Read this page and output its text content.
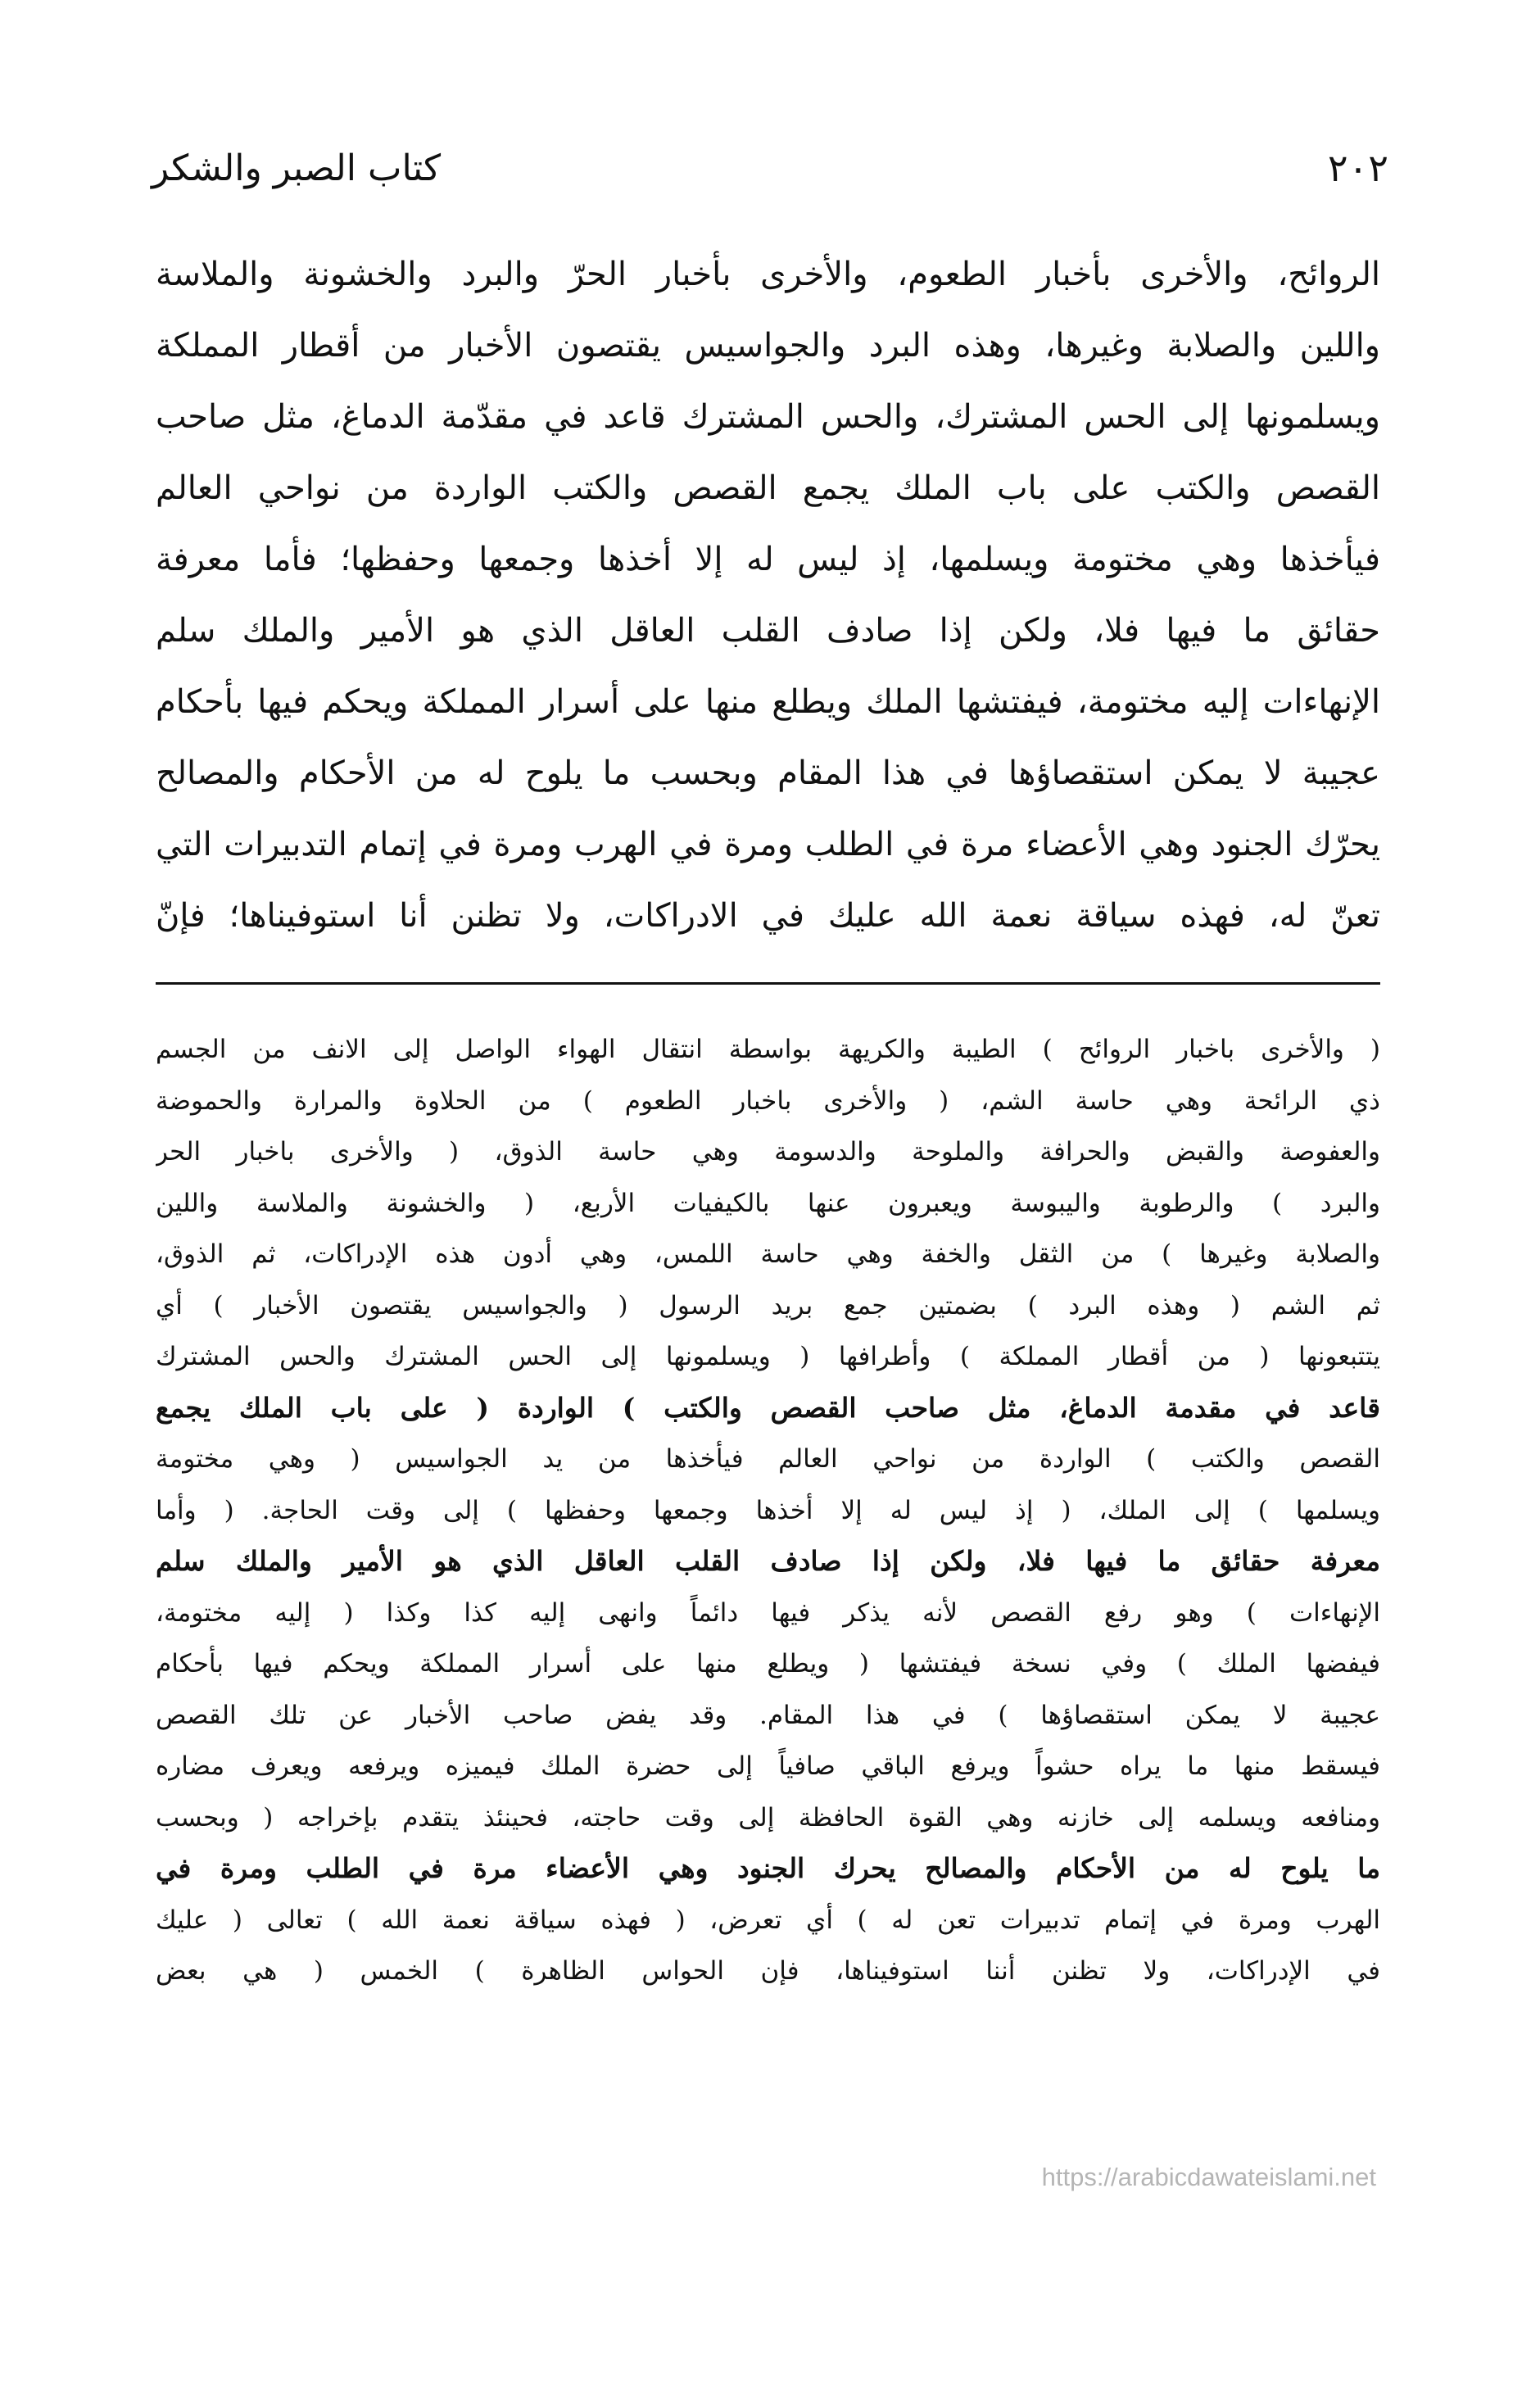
٢٠٢
كتاب الصبر والشكر
الروائح، والأخرى بأخبار الطعوم، والأخرى بأخبار الحرّ والبرد والخشونة والملاسة
واللين والصلابة وغيرها، وهذه البرد والجواسيس يقتصون الأخبار من أقطار المملكة
ويسلمونها إلى الحس المشترك، والحس المشترك قاعد في مقدّمة الدماغ، مثل صاحب
القصص والكتب على باب الملك يجمع القصص والكتب الواردة من نواحي العالم
فيأخذها وهي مختومة ويسلمها، إذ ليس له إلا أخذها وجمعها وحفظها؛ فأما معرفة
حقائق ما فيها فلا، ولكن إذا صادف القلب العاقل الذي هو الأمير والملك سلم
الإنهاءات إليه مختومة، فيفتشها الملك ويطلع منها على أسرار المملكة ويحكم فيها بأحكام
عجيبة لا يمكن استقصاؤها في هذا المقام وبحسب ما يلوح له من الأحكام والمصالح
يحرّك الجنود وهي الأعضاء مرة في الطلب ومرة في الهرب ومرة في إتمام التدبيرات التي
تعنّ له، فهذه سياقة نعمة الله عليك في الادراكات، ولا تظنن أنا استوفيناها؛ فإنّ
( والأخرى باخبار الروائح ) الطيبة والكريهة بواسطة انتقال الهواء الواصل إلى الانف من الجسم
ذي الرائحة وهي حاسة الشم، ( والأخرى باخبار الطعوم ) من الحلاوة والمرارة والحموضة
والعفوصة والقبض والحرافة والملوحة والدسومة وهي حاسة الذوق، ( والأخرى باخبار الحر
والبرد ) والرطوبة واليبوسة ويعبرون عنها بالكيفيات الأربع، ( والخشونة والملاسة واللين
والصلابة وغيرها ) من الثقل والخفة وهي حاسة اللمس، وهي أدون هذه الإدراكات، ثم الذوق،
ثم الشم ( وهذه البرد ) بضمتين جمع بريد الرسول ( والجواسيس يقتصون الأخبار ) أي
يتتبعونها ( من أقطار المملكة ) وأطرافها ( ويسلمونها إلى الحس المشترك والحس المشترك
قاعد في مقدمة الدماغ، مثل صاحب القصص والكتب ) الواردة ( على باب الملك يجمع
القصص والكتب ) الواردة من نواحي العالم فيأخذها من يد الجواسيس ( وهي مختومة
ويسلمها ) إلى الملك، ( إذ ليس له إلا أخذها وجمعها وحفظها ) إلى وقت الحاجة. ( وأما
معرفة حقائق ما فيها فلا، ولكن إذا صادف القلب العاقل الذي هو الأمير والملك سلم
الإنهاءات ) وهو رفع القصص لأنه يذكر فيها دائماً وانهى إليه كذا وكذا ( إليه مختومة،
فيفضها الملك ) وفي نسخة فيفتشها ( ويطلع منها على أسرار المملكة ويحكم فيها بأحكام
عجيبة لا يمكن استقصاؤها ) في هذا المقام. وقد يفض صاحب الأخبار عن تلك القصص
فيسقط منها ما يراه حشواً ويرفع الباقي صافياً إلى حضرة الملك فيميزه ويرفعه ويعرف مضاره
ومنافعه ويسلمه إلى خازنه وهي القوة الحافظة إلى وقت حاجته، فحينئذ يتقدم بإخراجه ( وبحسب
ما يلوح له من الأحكام والمصالح يحرك الجنود وهي الأعضاء مرة في الطلب ومرة في
الهرب ومرة في إتمام تدبيرات تعن له ) أي تعرض، ( فهذه سياقة نعمة الله ) تعالى ( عليك
في الإدراكات، ولا تظنن أننا استوفيناها، فإن الحواس الظاهرة ) الخمس ( هي بعض
https://arabicdawateislami.net
